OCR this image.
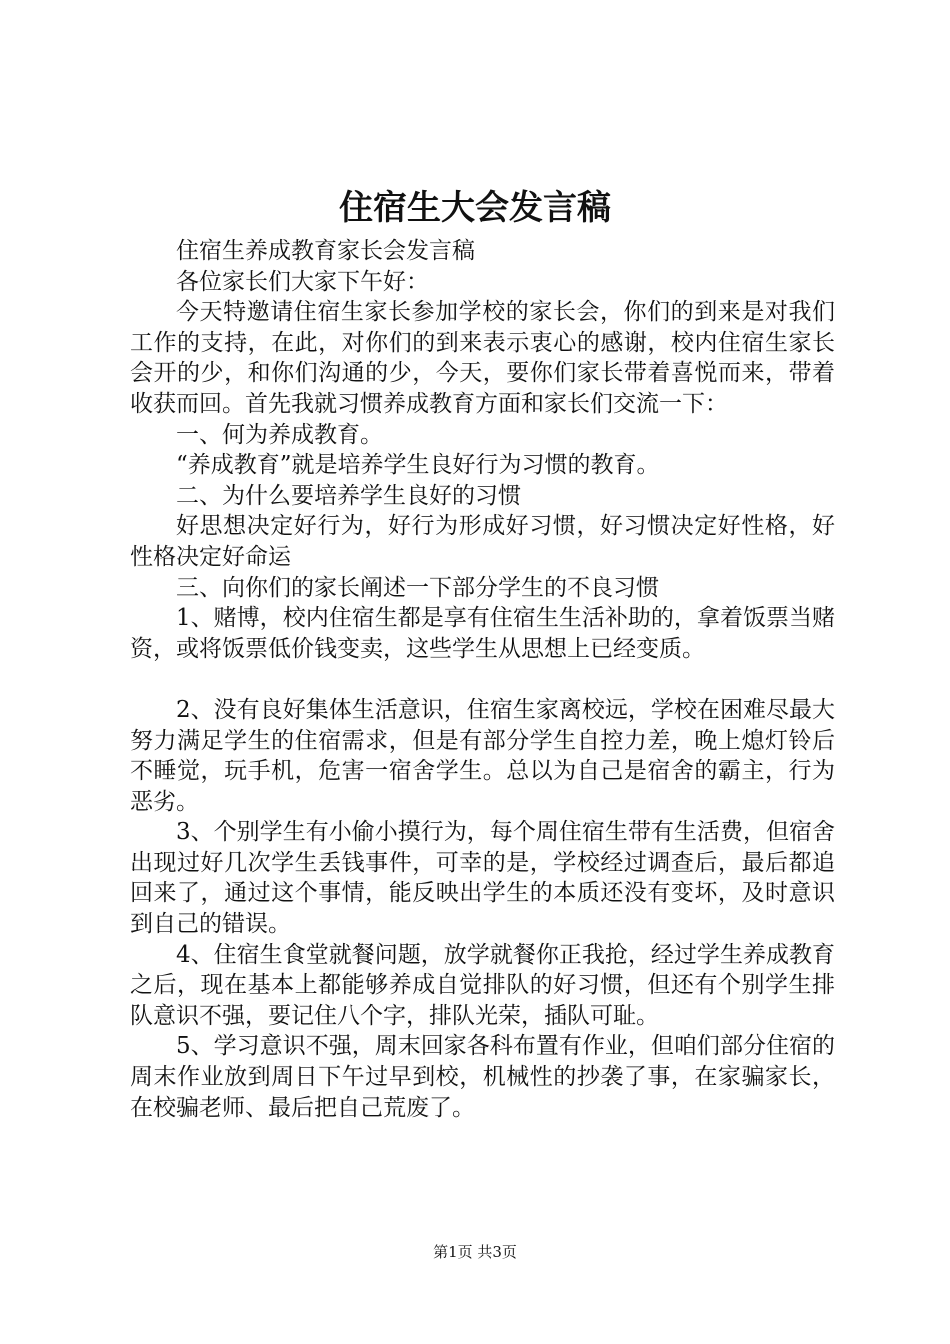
住宿生大会发言稿

住宿生养成教育家长会发言稿

各位家长们大家下午好：

今天特邀请住宿生家长参加学校的家长会，你们的到来是对我们工作的支持，在此，对你们的到来表示衷心的感谢，校内住宿生家长会开的少，和你们沟通的少，今天，要你们家长带着喜悦而来，带着收获而回。首先我就习惯养成教育方面和家长们交流一下：

一、何为养成教育。

“养成教育”就是培养学生良好行为习惯的教育。

二、为什么要培养学生良好的习惯

好思想决定好行为，好行为形成好习惯，好习惯决定好性格，好性格决定好命运

三、向你们的家长阐述一下部分学生的不良习惯

1、赌博，校内住宿生都是享有住宿生生活补助的，拿着饭票当赌资，或将饭票低价钱变卖，这些学生从思想上已经变质。

2、没有良好集体生活意识，住宿生家离校远，学校在困难尽最大努力满足学生的住宿需求，但是有部分学生自控力差，晚上熄灯铃后不睡觉，玩手机，危害一宿舍学生。总以为自己是宿舍的霸主，行为恶劣。

3、个别学生有小偷小摸行为，每个周住宿生带有生活费，但宿舍出现过好几次学生丢钱事件，可幸的是，学校经过调查后，最后都追回来了，通过这个事情，能反映出学生的本质还没有变坏，及时意识到自己的错误。

4、住宿生食堂就餐问题，放学就餐你正我抢，经过学生养成教育之后，现在基本上都能够养成自觉排队的好习惯，但还有个别学生排队意识不强，要记住八个字，排队光荣，插队可耻。

5、学习意识不强，周末回家各科布置有作业，但咱们部分住宿的周末作业放到周日下午过早到校，机械性的抄袭了事，在家骗家长，在校骗老师、最后把自己荒废了。

第1页 共3页
